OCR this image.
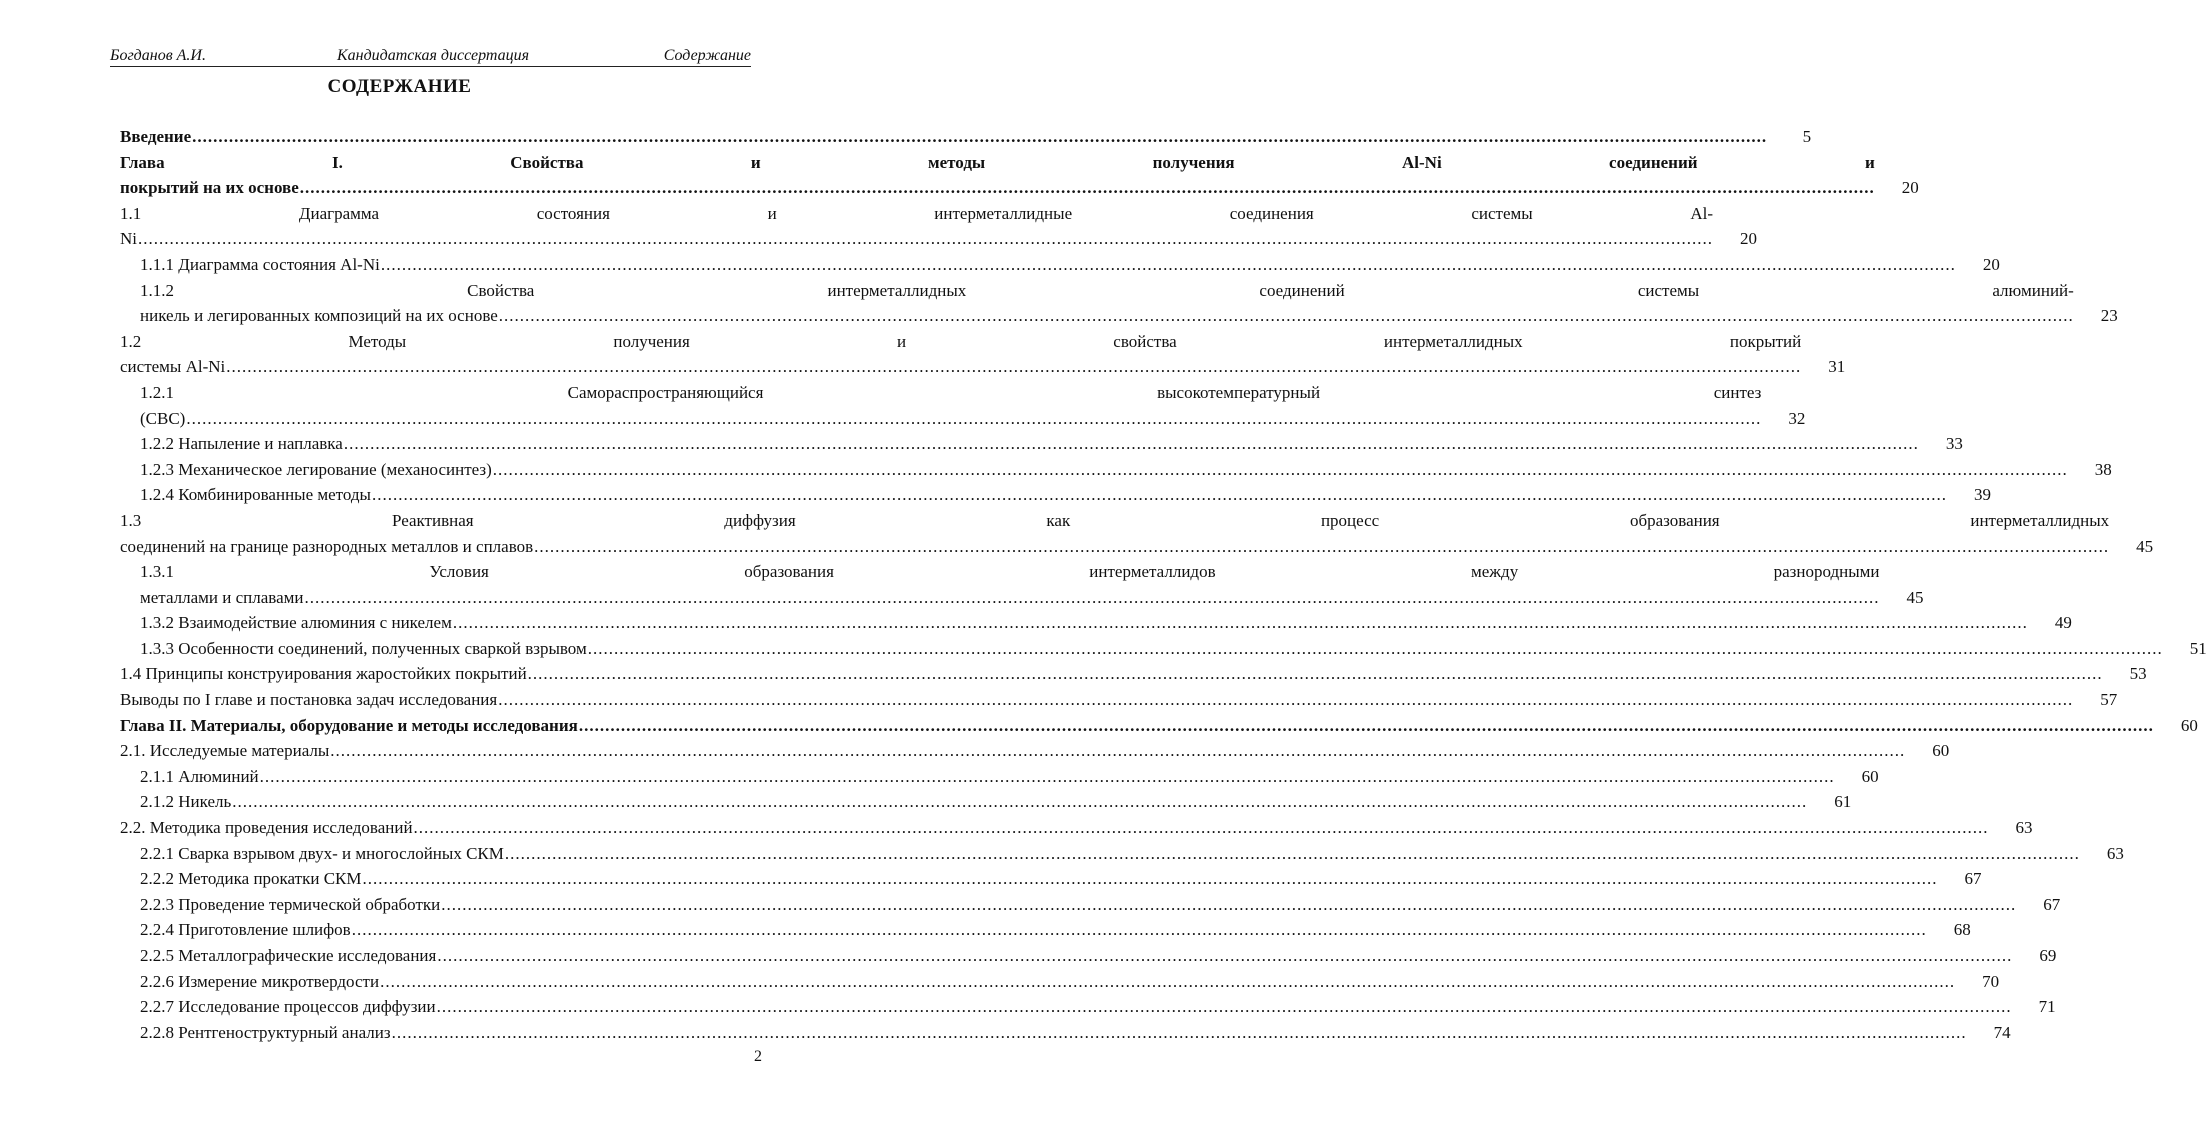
Богданов А.И.	Кандидатская диссертация	Содержание
СОДЕРЖАНИЕ
Введение ............................................................................................................................................................................................................................................................................................................	5
Глава I. Свойства и методы получения Al-Ni соединений и
покрытий на их основе ............................................................................................................................................................................................................................................................................................................	20
1.1 Диаграмма состояния и интерметаллидные соединения системы Al-
Ni ............................................................................................................................................................................................................................................................................................................	20
1.1.1 Диаграмма состояния Al-Ni ............................................................................................................................................................................................................................................................................................................	20
1.1.2 Свойства интерметаллидных соединений системы алюминий-
никель и легированных композиций на их основе ............................................................................................................................................................................................................................................................................................................	23
1.2 Методы получения и свойства интерметаллидных покрытий
системы Al-Ni ............................................................................................................................................................................................................................................................................................................	31
1.2.1 Самораспространяющийся высокотемпературный синтез
(СВС) ............................................................................................................................................................................................................................................................................................................	32
1.2.2 Напыление и наплавка ............................................................................................................................................................................................................................................................................................................	33
1.2.3 Механическое легирование (механосинтез) ............................................................................................................................................................................................................................................................................................................	38
1.2.4 Комбинированные методы ............................................................................................................................................................................................................................................................................................................	39
1.3 Реактивная диффузия как процесс образования интерметаллидных
соединений на границе разнородных металлов и сплавов ............................................................................................................................................................................................................................................................................................................	45
1.3.1 Условия образования интерметаллидов между разнородными
металлами и сплавами ............................................................................................................................................................................................................................................................................................................	45
1.3.2 Взаимодействие алюминия с никелем ............................................................................................................................................................................................................................................................................................................	49
1.3.3 Особенности соединений, полученных сваркой взрывом ............................................................................................................................................................................................................................................................................................................	51
1.4 Принципы конструирования жаростойких покрытий ............................................................................................................................................................................................................................................................................................................	53
Выводы по I главе и постановка задач исследования ............................................................................................................................................................................................................................................................................................................	57
Глава II. Материалы, оборудование и методы исследования ............................................................................................................................................................................................................................................................................................................	60
2.1. Исследуемые материалы ............................................................................................................................................................................................................................................................................................................	60
2.1.1 Алюминий ............................................................................................................................................................................................................................................................................................................	60
2.1.2 Никель ............................................................................................................................................................................................................................................................................................................	61
2.2. Методика проведения исследований ............................................................................................................................................................................................................................................................................................................	63
2.2.1 Сварка взрывом двух- и многослойных СКМ ............................................................................................................................................................................................................................................................................................................	63
2.2.2 Методика прокатки СКМ ............................................................................................................................................................................................................................................................................................................	67
2.2.3 Проведение термической обработки ............................................................................................................................................................................................................................................................................................................	67
2.2.4 Приготовление шлифов ............................................................................................................................................................................................................................................................................................................	68
2.2.5 Металлографические исследования ............................................................................................................................................................................................................................................................................................................	69
2.2.6 Измерение микротвердости ............................................................................................................................................................................................................................................................................................................	70
2.2.7 Исследование процессов диффузии ............................................................................................................................................................................................................................................................................................................	71
2.2.8 Рентгеноструктурный анализ ............................................................................................................................................................................................................................................................................................................	74
2
